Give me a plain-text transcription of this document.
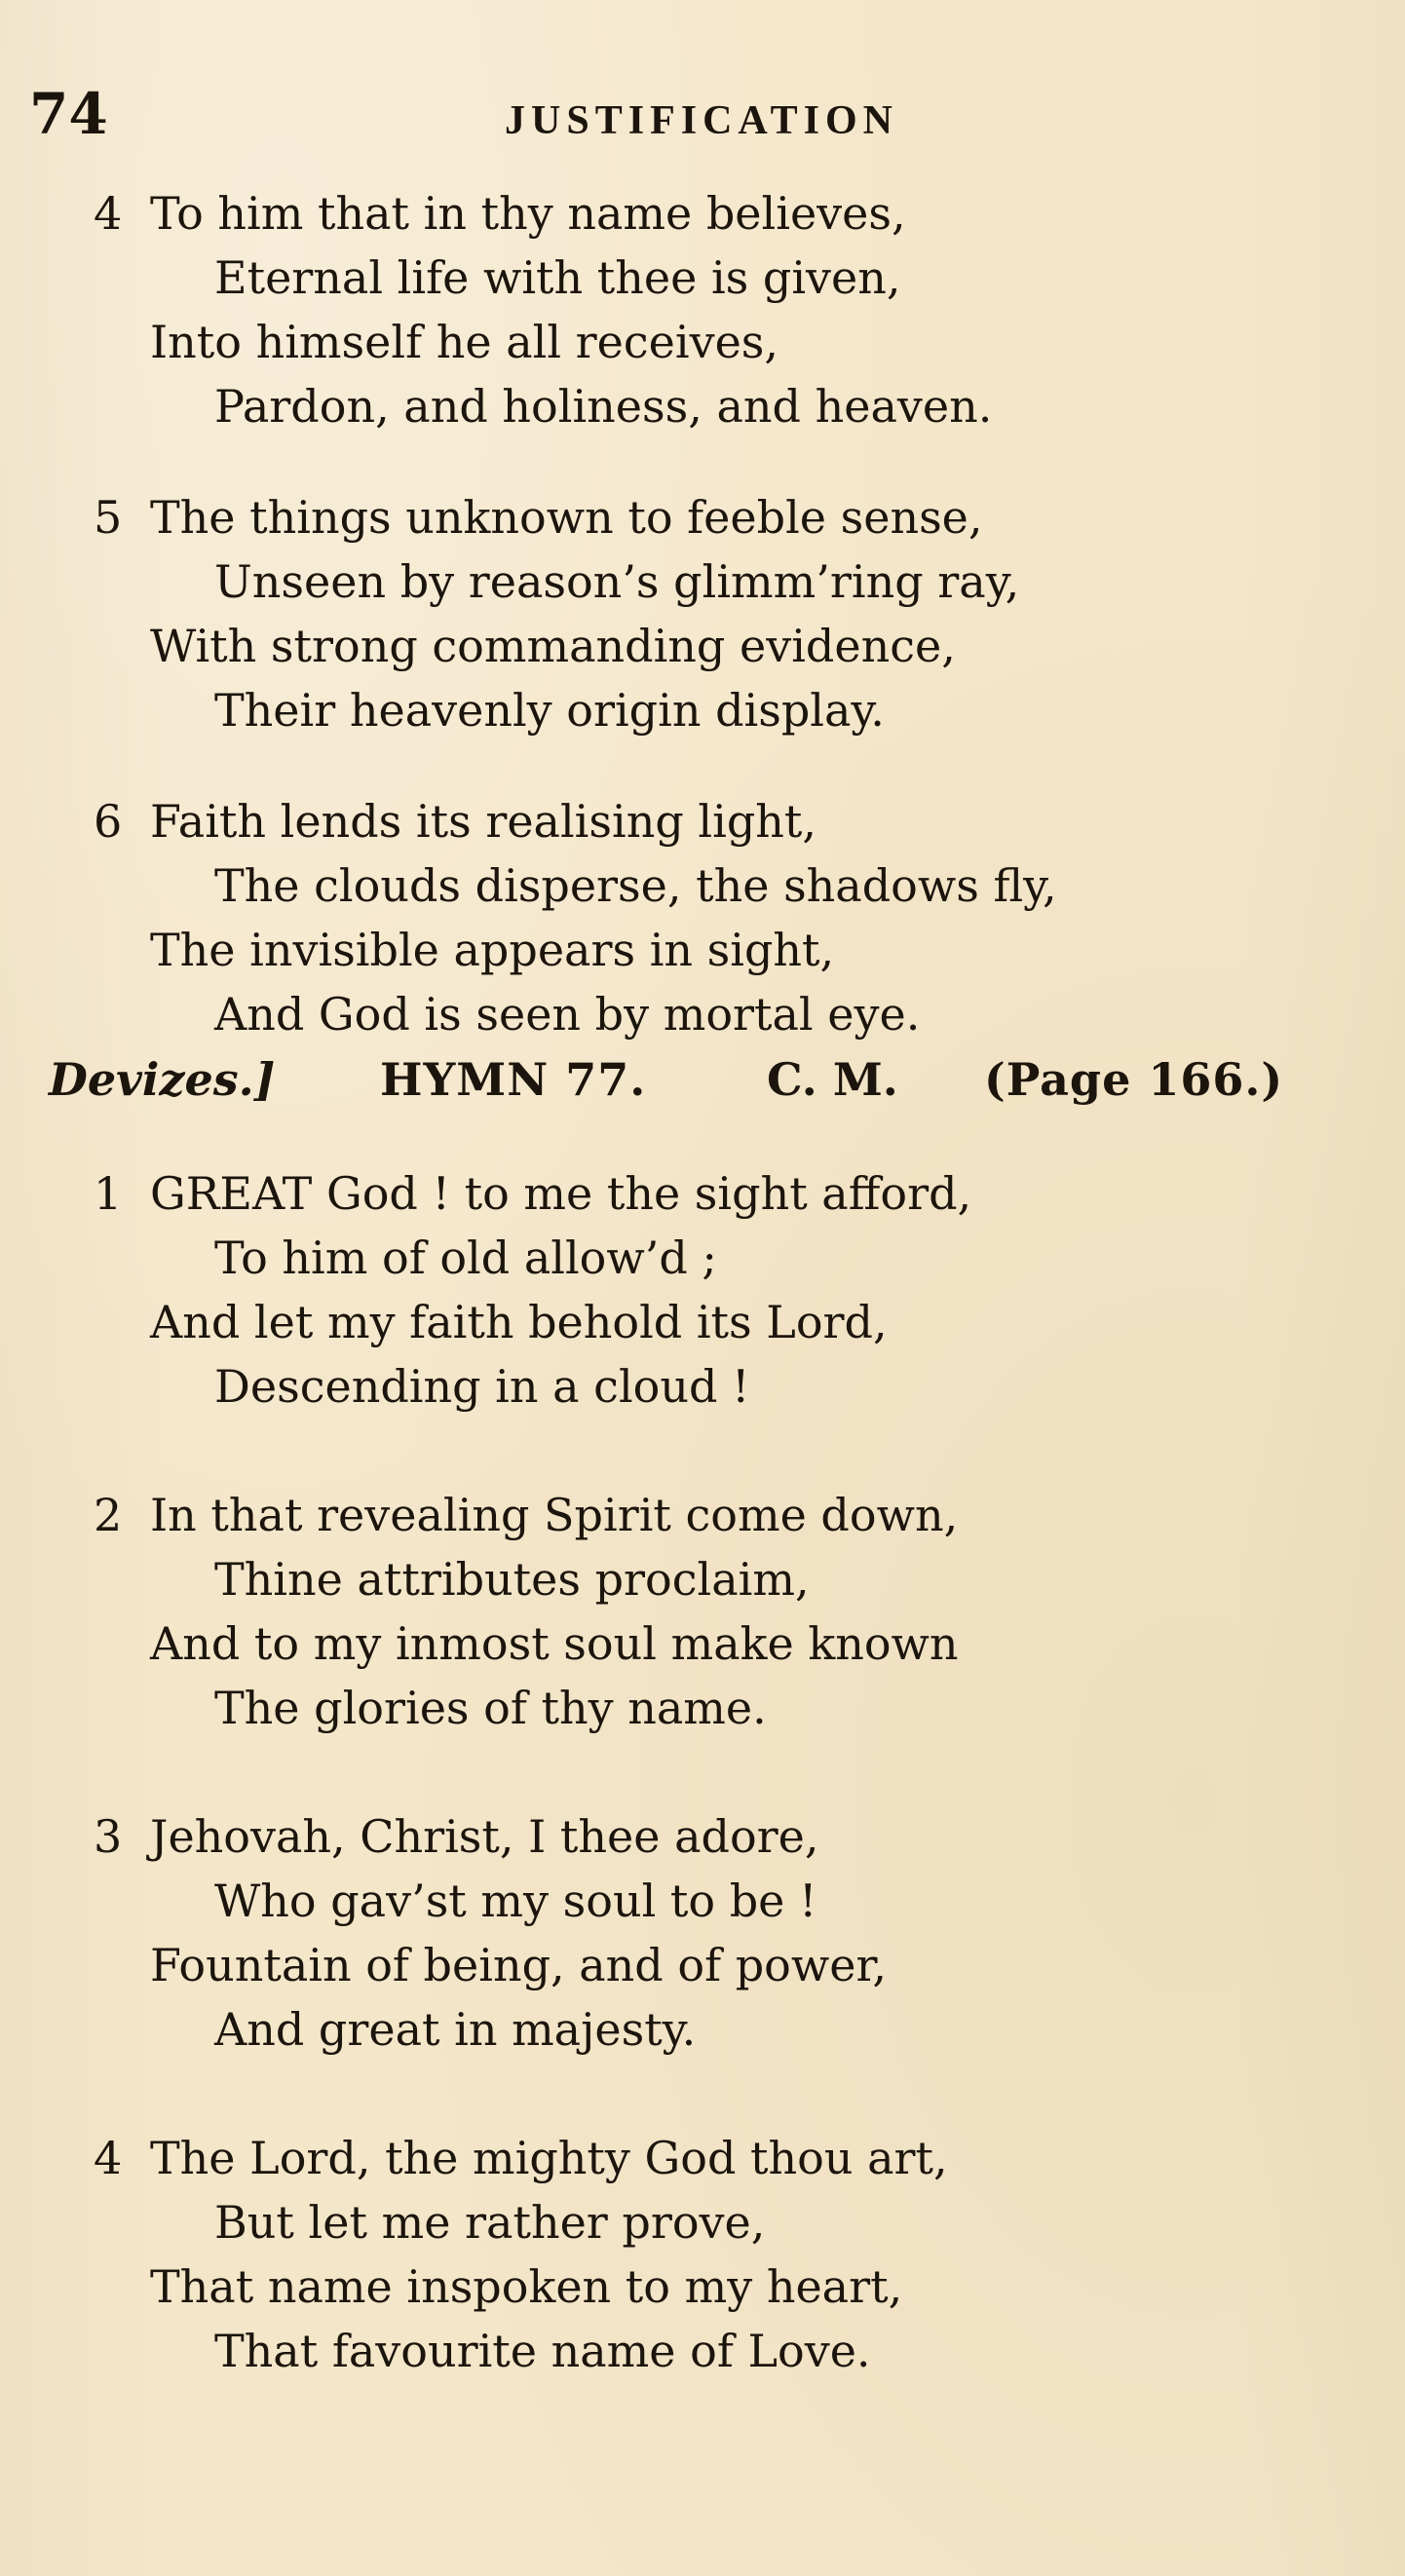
74	JUSTIFICATION
4 To him that in thy name believes,
Eternal life with thee is given,
Into himself he all receives,
Pardon, and holiness, and heaven.
5 The things unknown to feeble sense,
Unseen by reason’s glimm’ring ray,
With strong commanding evidence,
Their heavenly origin display.
6 Faith lends its realising light,
The clouds disperse, the shadows fly,
The invisible appears in sight,
And God is seen by mortal eye.
Devizes.] HYMN 77.	C. M. (Page 166.)
1 GREAT God ! to me the sight afford,
To him of old allow’d ;
And let my faith behold its Lord,
Descending in a cloud !
2 In that revealing Spirit come down,
Thine attributes proclaim,
And to my inmost soul make known
The glories of thy name.
3 Jehovah, Christ, I thee adore,
Who gav’st my soul to be !
Fountain of being, and of power,
And great in majesty.
4 The Lord, the mighty God thou art,
But let me rather prove,
That name inspoken to my heart,
That favourite name of Love.
